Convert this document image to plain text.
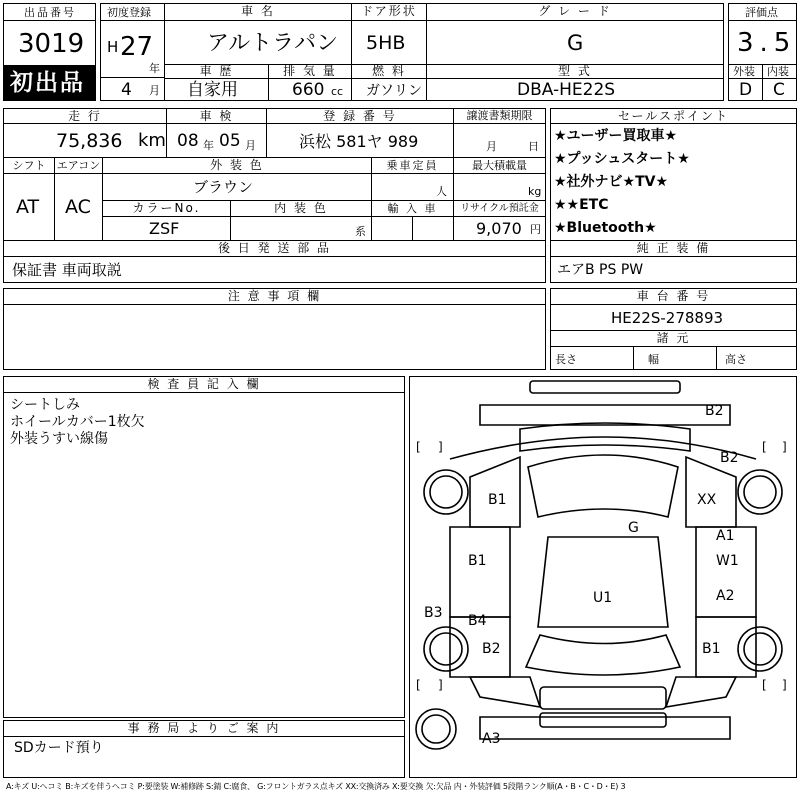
出品番号
3019
初出品
初度登録
H 27
年
4 月
車 名
アルトラパン
ドア形状
5HB
グ レ ー ド
G
車 歴
自家用
排 気 量
660 cc
燃 料
ガソリン
型 式
DBA-HE22S
評価点
3.5
外装 内装
D C
走 行
75,836 km
車 検
08 年 05 月
登 録 番 号
浜松 581ヤ 989
譲渡書類期限
月	日
シフト
AT
エアコン
AC
外 装 色
ブラウン
乗車定員
人
最大積載量
kg
カラーNo.
ZSF
内 装 色
系
輸 入 車	リサイクル預託金
9,070 円
後 日 発 送 部 品
保証書 車両取説
セールスポイント
★ユーザー買取車★
★プッシュスタート★
★社外ナビ★TV★
★★ETC
★Bluetooth★
純 正 装 備
エアB PS PW
注 意 事 項 欄	車 台 番 号
HE22S-278893
諸 元
長さ	幅	高さ
検 査 員 記 入 欄
シートしみ
ホイールカバー1枚欠
外装うすい線傷
事 務 局 よ り ご 案 内
SDカード預り
[ ]	[ ]
[ ]	[ ]
B2
B2
B1	XX
G	A1
W1
B1
U1	A2
B3 B4
B2	B1
A3
A:キズ U:ヘコミ B:キズを伴うヘコミ P:要塗装 W:補修跡 S:錆 C:腐食、 G:フロントガラス点キズ XX:交換済み X:要交換 欠:欠品 内・外装評価 5段階ランク順(A・B・C・D・E) 3
